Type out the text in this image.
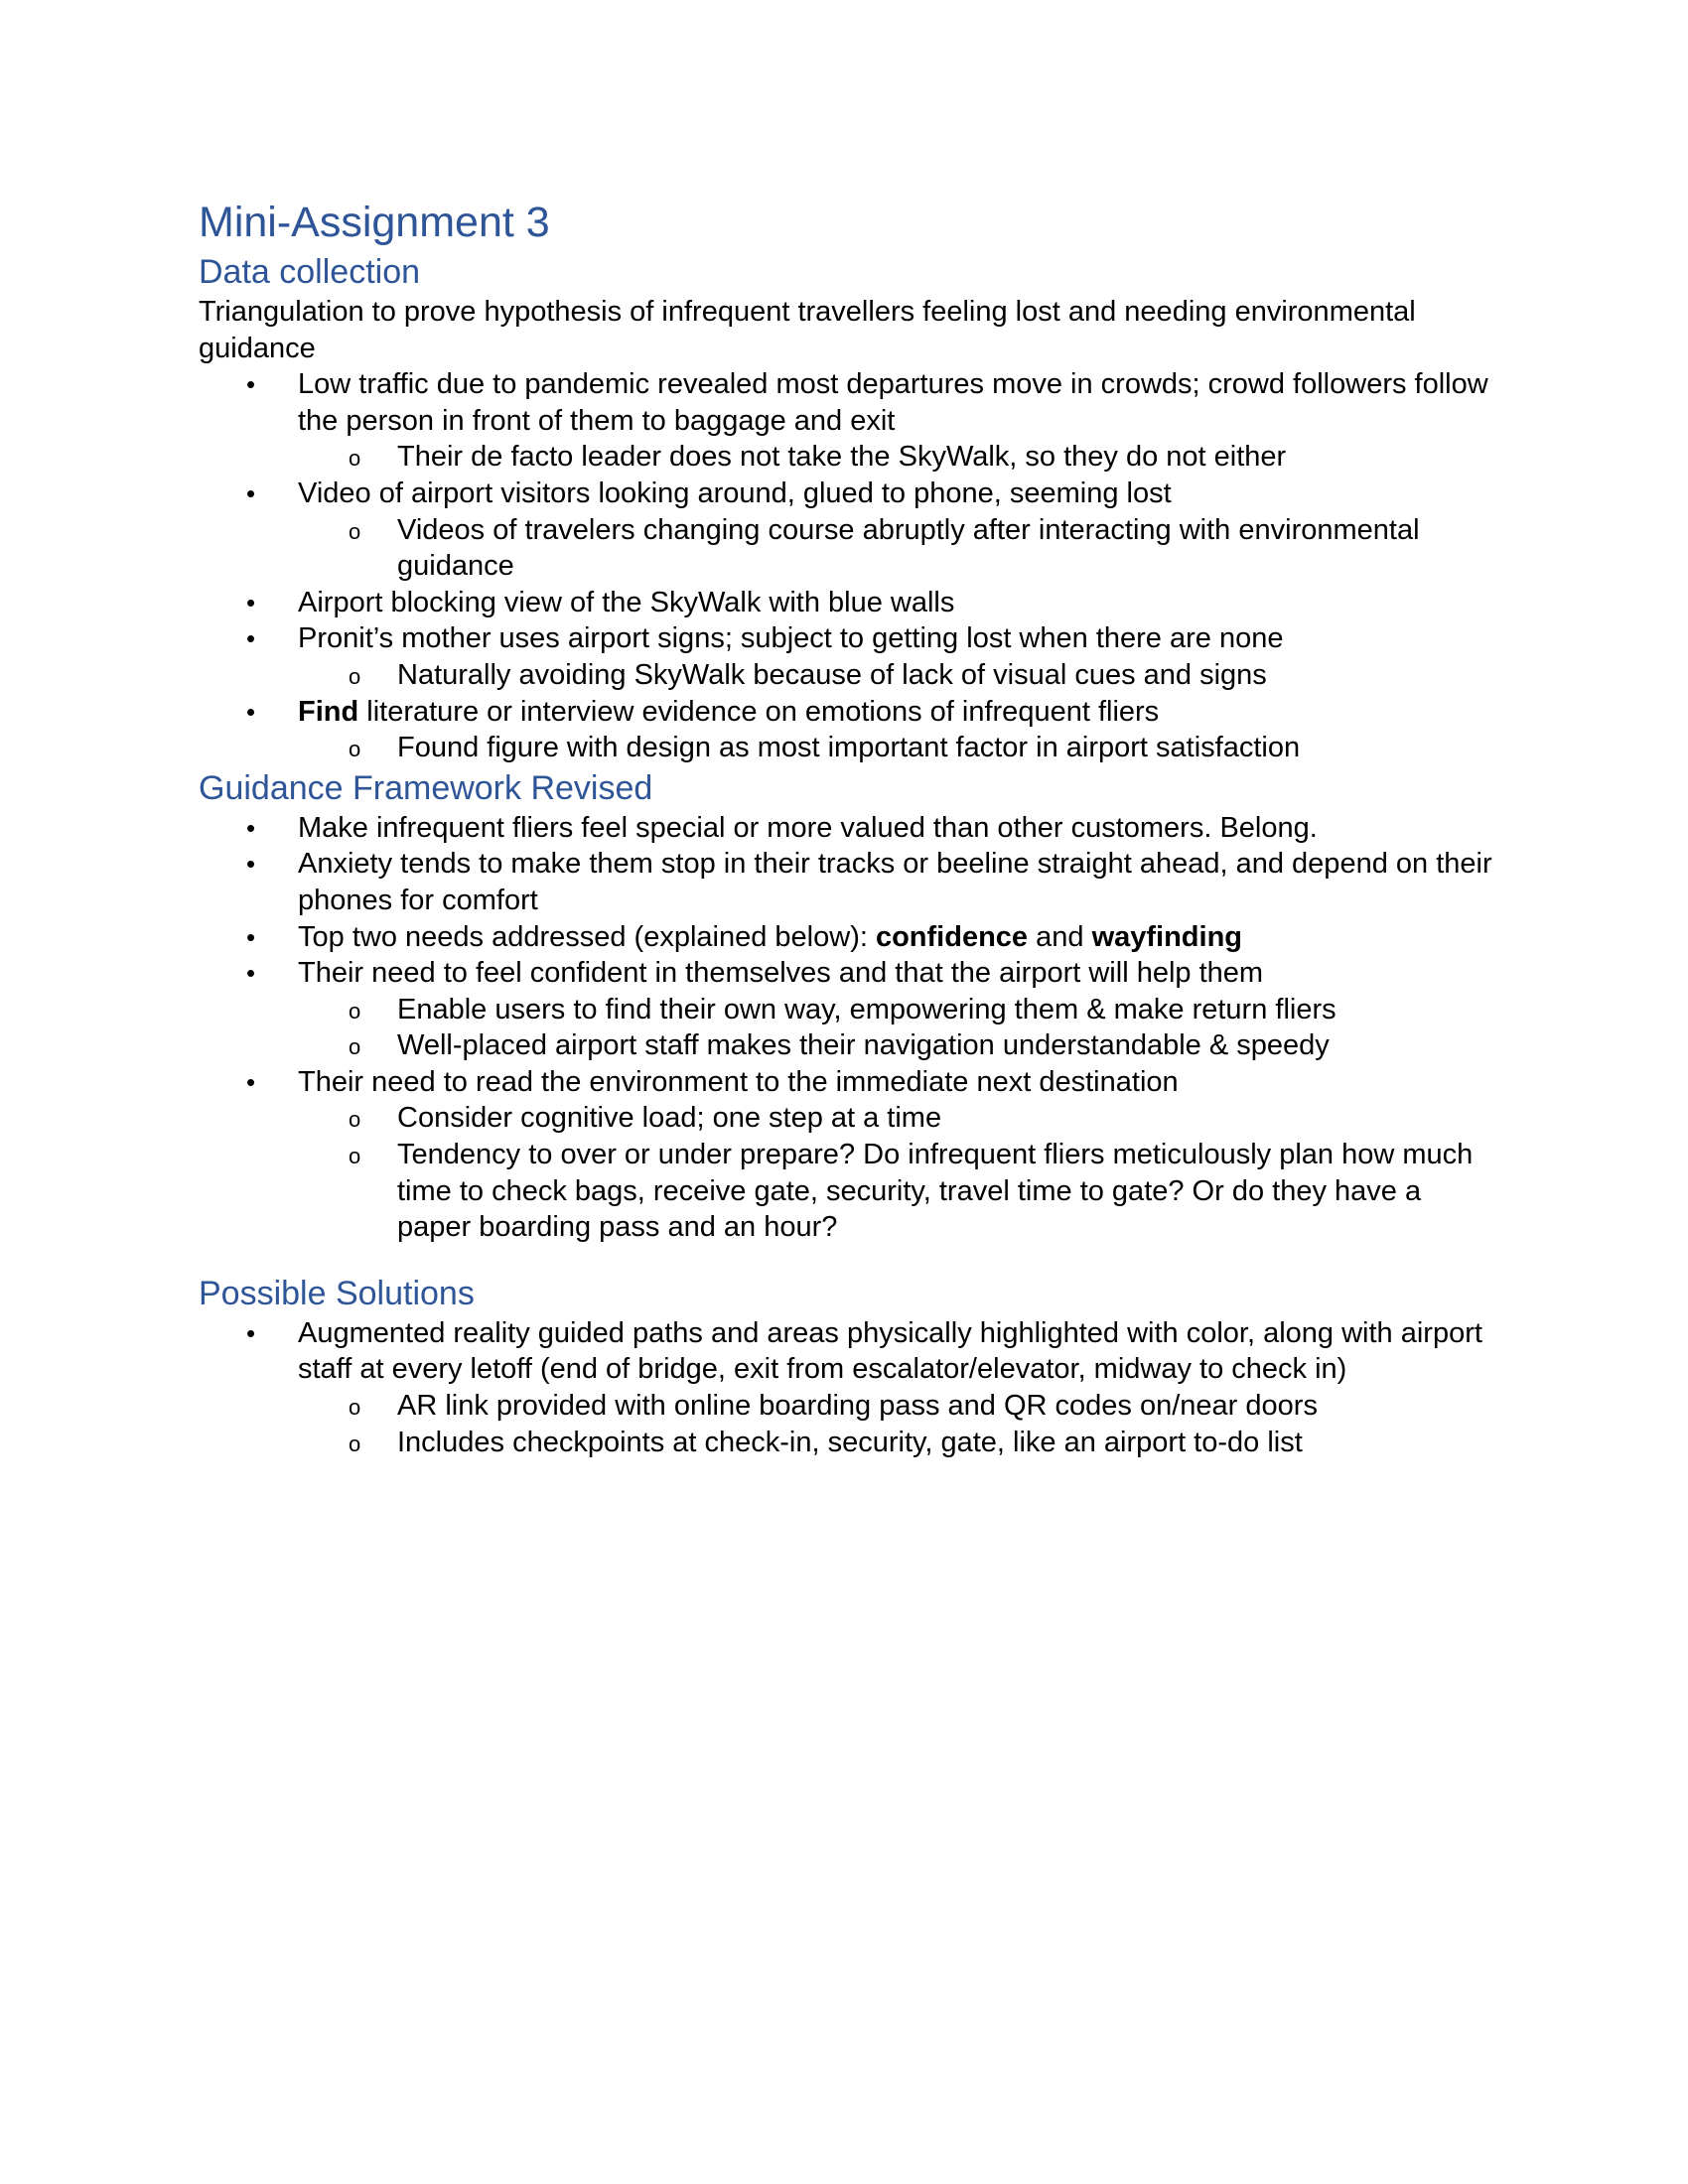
Mini-Assignment 3
Data collection

Triangulation to prove hypothesis of infrequent travellers feeling lost and needing environmental guidance

• Low traffic due to pandemic revealed most departures move in crowds; crowd followers follow the person in front of them to baggage and exit
o Their de facto leader does not take the SkyWalk, so they do not either
• Video of airport visitors looking around, glued to phone, seeming lost
o Videos of travelers changing course abruptly after interacting with environmental guidance
• Airport blocking view of the SkyWalk with blue walls
• Pronit’s mother uses airport signs; subject to getting lost when there are none
o Naturally avoiding SkyWalk because of lack of visual cues and signs
• Find literature or interview evidence on emotions of infrequent fliers
o Found figure with design as most important factor in airport satisfaction
Guidance Framework Revised
• Make infrequent fliers feel special or more valued than other customers. Belong.
• Anxiety tends to make them stop in their tracks or beeline straight ahead, and depend on their phones for comfort
• Top two needs addressed (explained below): confidence and wayfinding
• Their need to feel confident in themselves and that the airport will help them
o Enable users to find their own way, empowering them & make return fliers
o Well-placed airport staff makes their navigation understandable & speedy
• Their need to read the environment to the immediate next destination
o Consider cognitive load; one step at a time
o Tendency to over or under prepare? Do infrequent fliers meticulously plan how much time to check bags, receive gate, security, travel time to gate? Or do they have a paper boarding pass and an hour?
Possible Solutions
• Augmented reality guided paths and areas physically highlighted with color, along with airport staff at every letoff (end of bridge, exit from escalator/elevator, midway to check in)
o AR link provided with online boarding pass and QR codes on/near doors
o Includes checkpoints at check-in, security, gate, like an airport to-do list
